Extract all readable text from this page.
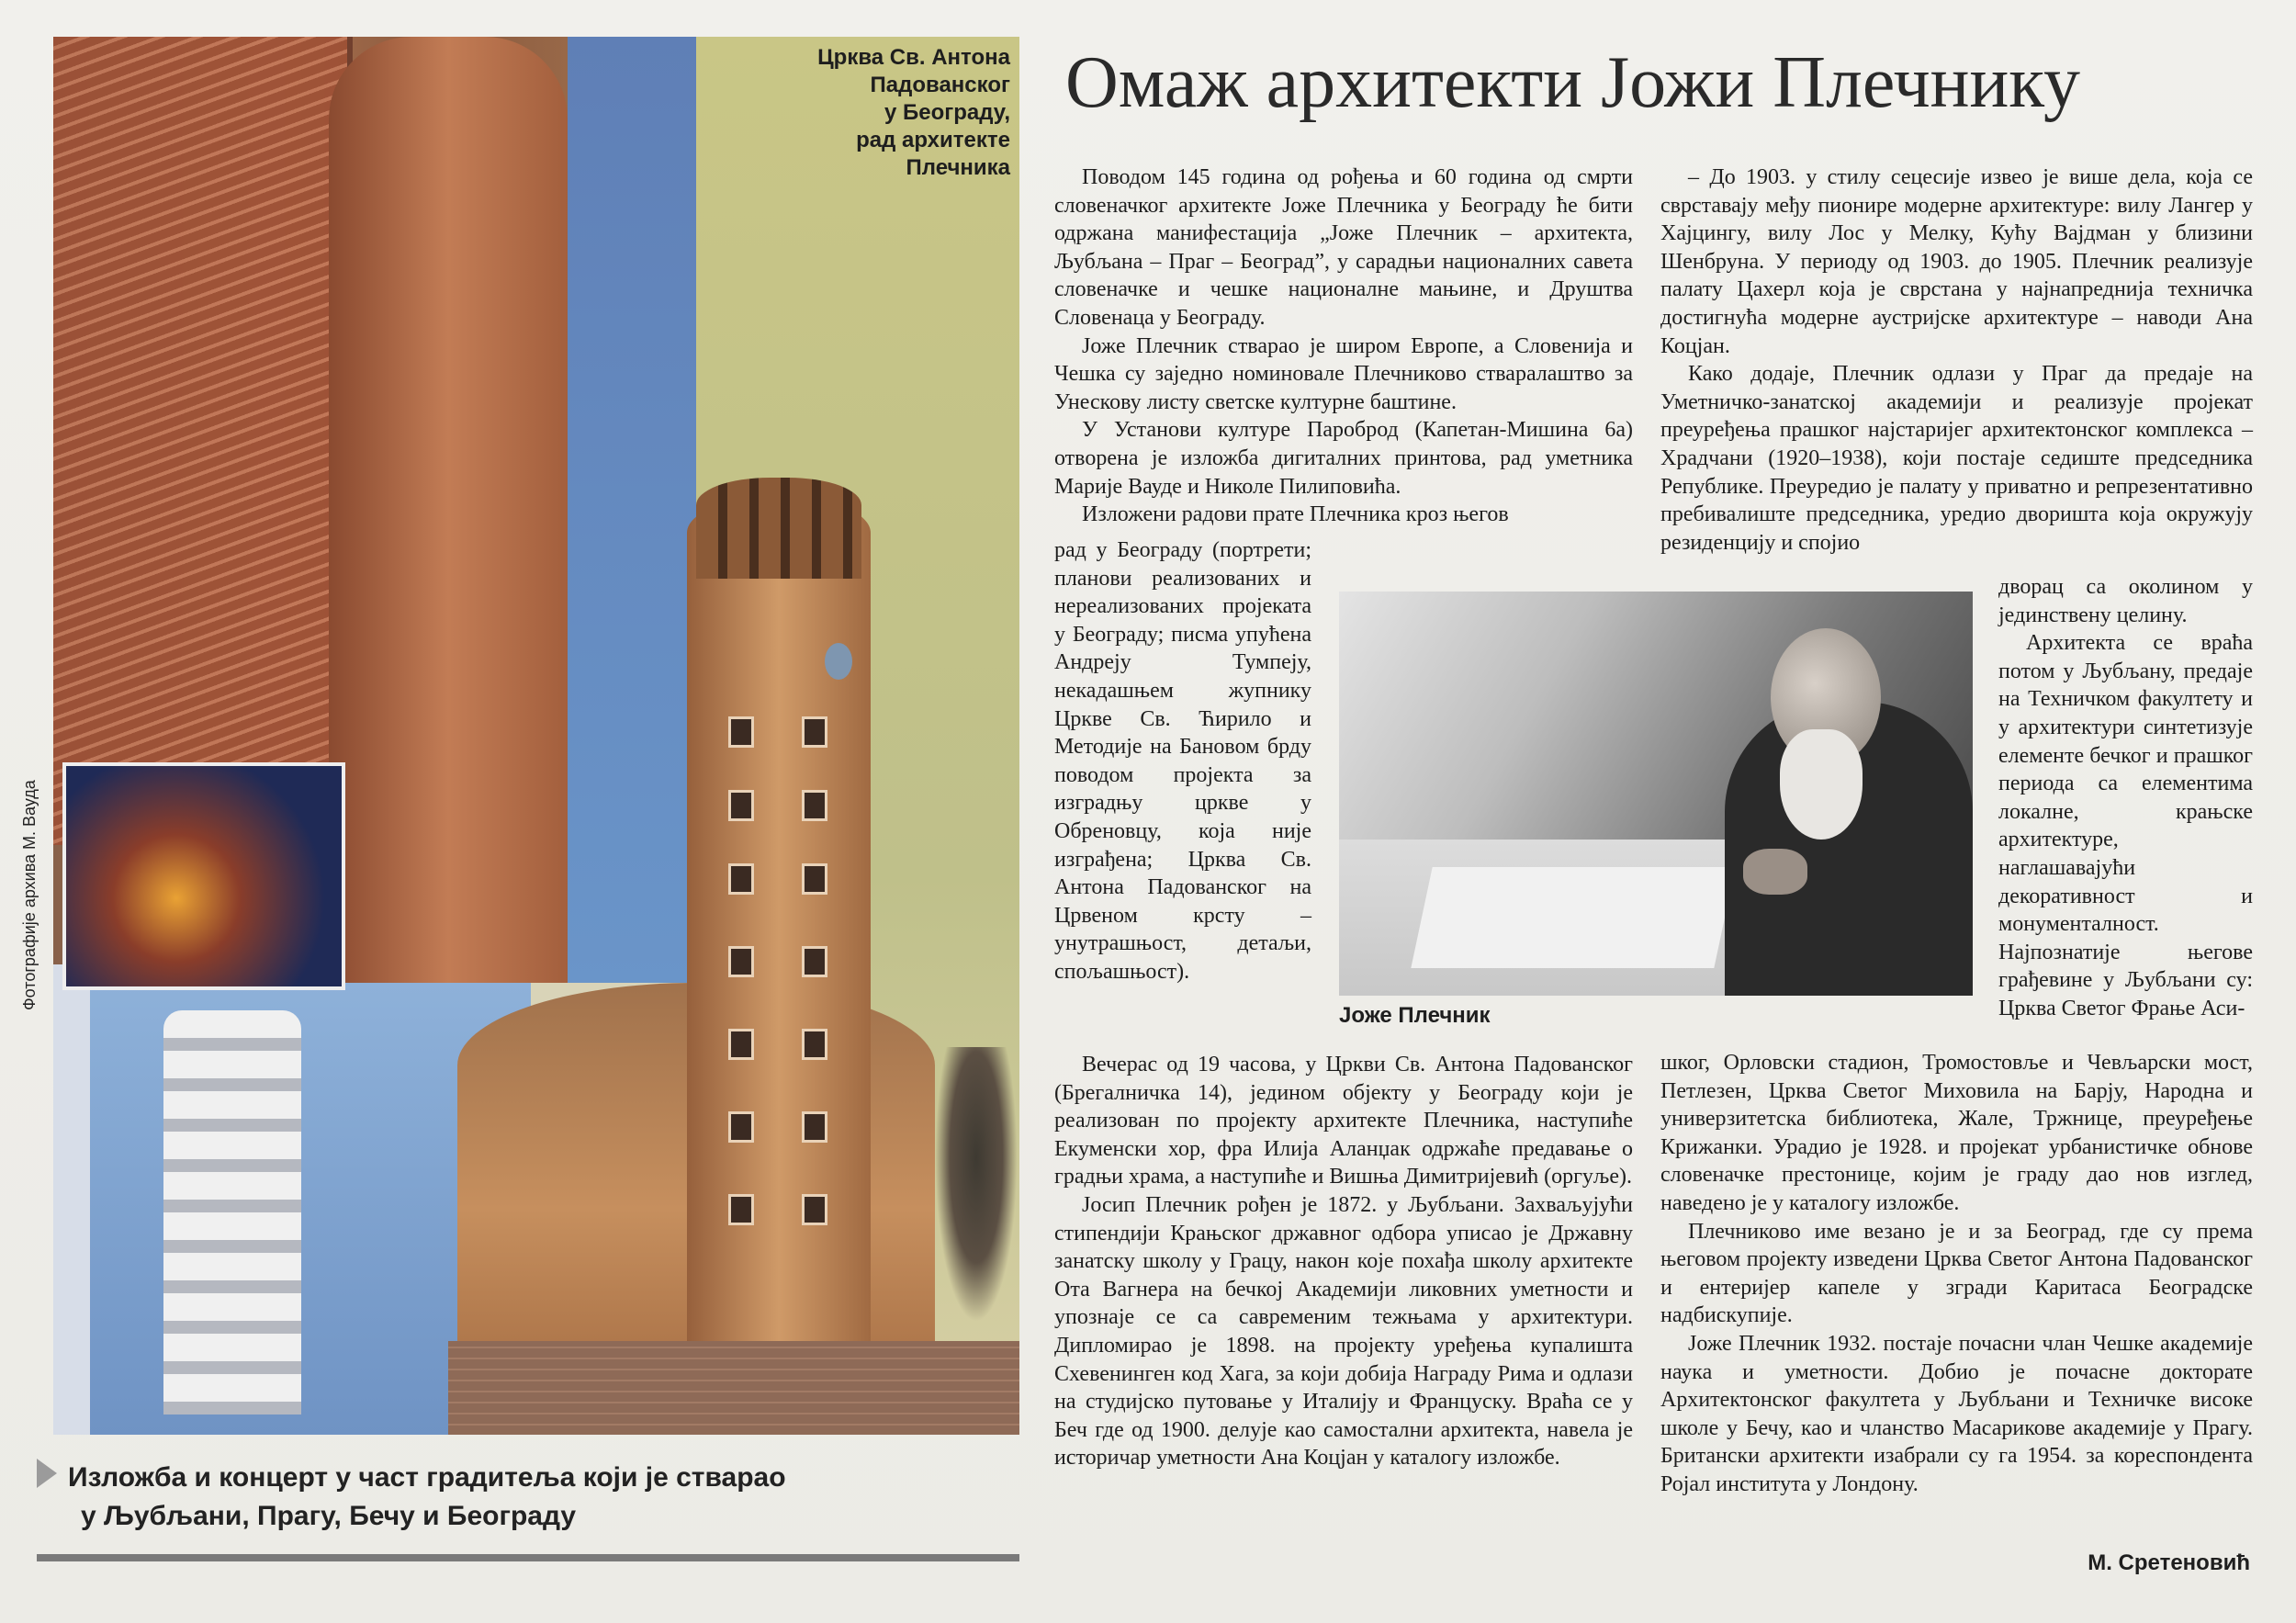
Црква Св. Антона
Падованског
у Београду,
рад архитекте
Плечника
Фотографије архива М. Ваудa
Изложба и концерт у част градитеља који је стварао
у Љубљани, Прагу, Бечу и Београду
Омаж архитекти Јожи Плечнику

Поводом 145 година од рођења и 60 година од смрти словеначког архитекте Јоже Плечника у Београду ће бити одржана манифестација „Јоже Плечник – архитекта, Љубљана – Праг – Београд”, у сарадњи националних савета словеначке и чешке националне мањине, и Друштва Словенаца у Београду.

Јоже Плечник стварао је широм Европе, а Словенија и Чешка су заједно номиновале Плечниково стваралаштво за Унескову листу светске културне баштине.

У Установи културе Пароброд (Капетан-Мишина 6а) отворена је изложба дигиталних принтова, рад уметника Марије Вауде и Николе Пилиповића.

Изложени радови прате Плечника кроз његов

рад у Београду (портрети; планови реализованих и нереализованих пројеката у Београду; писма упућена Андреју Тумпеју, некадашњем жупнику Цркве Св. Ћирило и Методије на Бановом брду поводом пројекта за изградњу цркве у Обреновцу, која није изграђена; Црква Св. Антона Падованског на Црвеном крсту – унутрашњост, детаљи, спољашњост).

Вечерас од 19 часова, у Цркви Св. Антона Падованског (Брегалничка 14), једином објекту у Београду који је реализован по пројекту архитекте Плечника, наступиће Екуменски хор, фра Илија Аланџак одржаће предавање о градњи храма, а наступиће и Вишња Димитријевић (оргуље).

Јосип Плечник рођен је 1872. у Љубљани. Захваљујући стипендији Крањског државног одбора уписао је Државну занатску школу у Грацу, након које похађа школу архитекте Ота Вагнера на бечкој Академији ликовних уметности и упознаје се са савременим тежњама у архитектури. Дипломирао је 1898. на пројекту уређења купалишта Схевенинген код Хага, за који добија Награду Рима и одлази на студијско путовање у Италију и Француску. Враћа се у Беч где од 1900. делује као самостални архитекта, навела је историчар уметности Ана Коцјан у каталогу изложбе.

Јоже Плечник

– До 1903. у стилу сецесије извео је више дела, која се сврставају међу пионире модерне архитектуре: вилу Лангер у Хајцингу, вилу Лос у Мелку, Кућу Вајдман у близини Шенбруна. У периоду од 1903. до 1905. Плечник реализује палату Цахерл која је сврстана у најнапреднија техничка достигнућа модерне аустријске архитектуре – наводи Ана Коцјан.

Како додаје, Плечник одлази у Праг да предаје на Уметничко-занатској академији и реализује пројекат преуређења прашког најстаријег архитектонског комплекса – Храдчани (1920–1938), који постаје седиште председника Републике. Преуредио је палату у приватно и репрезентативно пребивалиште председника, уредио дворишта која окружују резиденцију и спојио

дворац са околином у јединствену целину.

Архитекта се враћа потом у Љубљану, предаје на Техничком факултету и у архитектури синтетизује елементе бечког и прашког периода са елементима локалне, крањске архитектуре, наглашавајући декоративност и монументалност. Најпознатије његове грађевине у Љубљани су: Црква Светог Фрање Аси-

шког, Орловски стадион, Тромостовље и Чевљарски мост, Петлезен, Црква Светог Миховила на Барју, Народна и универзитетска библиотека, Жале, Тржнице, преуређење Крижанки. Урадио је 1928. и пројекат урбанистичке обнове словеначке престонице, којим је граду дао нов изглед, наведено је у каталогу изложбе.

Плечниково име везано је и за Београд, где су према његовом пројекту изведени Црква Светог Антона Падованског и ентеријер капеле у згради Каритаса Београдске надбискупије.

Јоже Плечник 1932. постаје почасни члан Чешке академије наука и уметности. Добио је почасне докторате Архитектонског факултета у Љубљани и Техничке високе школе у Бечу, као и чланство Масарикове академије у Прагу. Британски архитекти изабрали су га 1954. за кореспондента Ројал института у Лондону.

М. Сретеновић
